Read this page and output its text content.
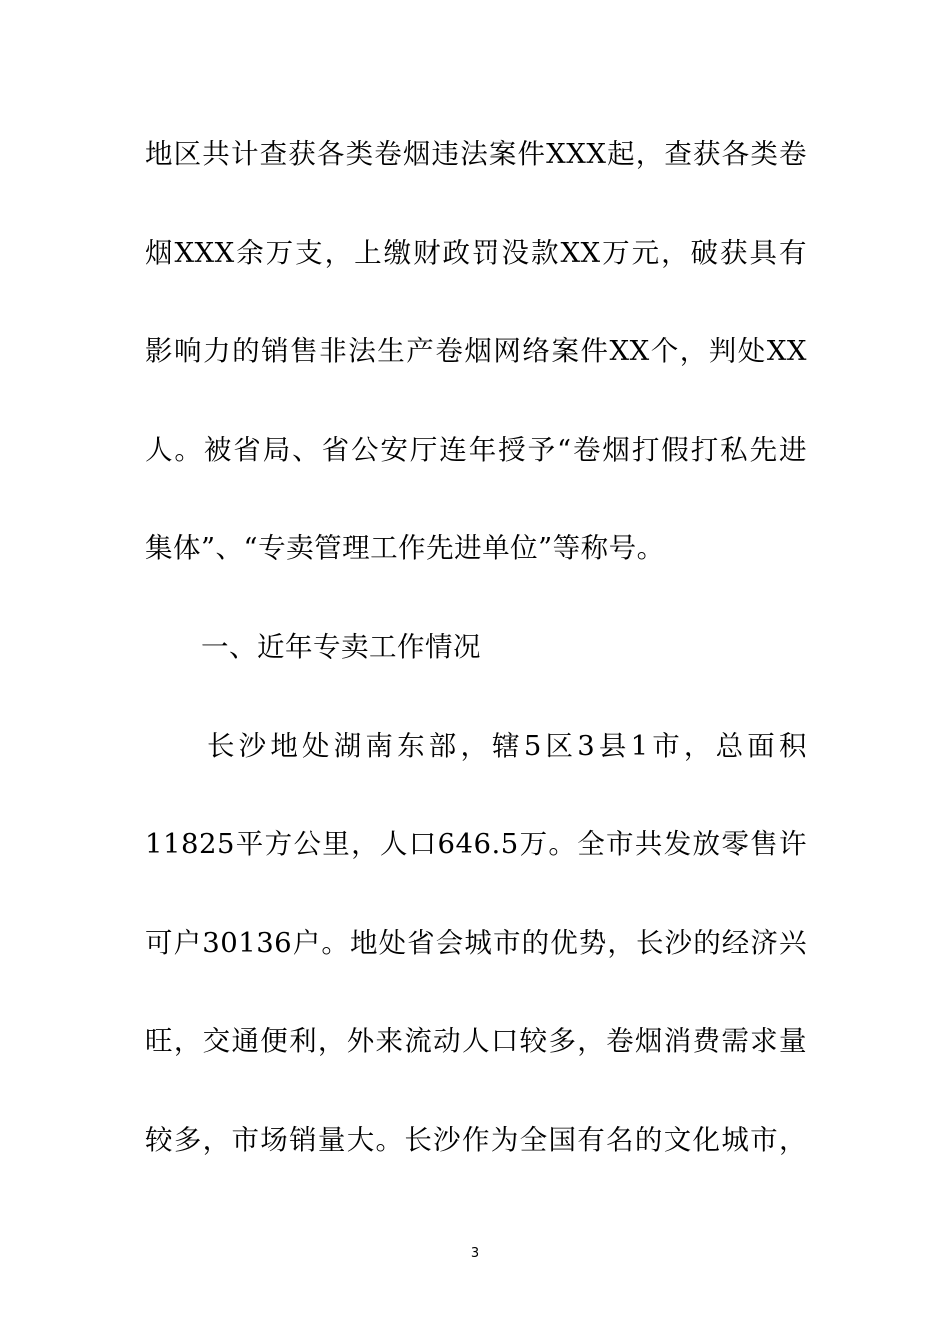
地区共计查获各类卷烟违法案件XXX起，查获各类卷
烟XXX余万支，上缴财政罚没款XX万元，破获具有
影响力的销售非法生产卷烟网络案件XX个，判处XX
人。被省局、省公安厅连年授予“卷烟打假打私先进
集体”、“专卖管理工作先进单位”等称号。
一、近年专卖工作情况
长沙地处湖南东部，辖5区3县1市，总面积
11825平方公里，人口646.5万。全市共发放零售许
可户30136户。地处省会城市的优势，长沙的经济兴
旺，交通便利，外来流动人口较多，卷烟消费需求量
较多，市场销量大。长沙作为全国有名的文化城市，
3
